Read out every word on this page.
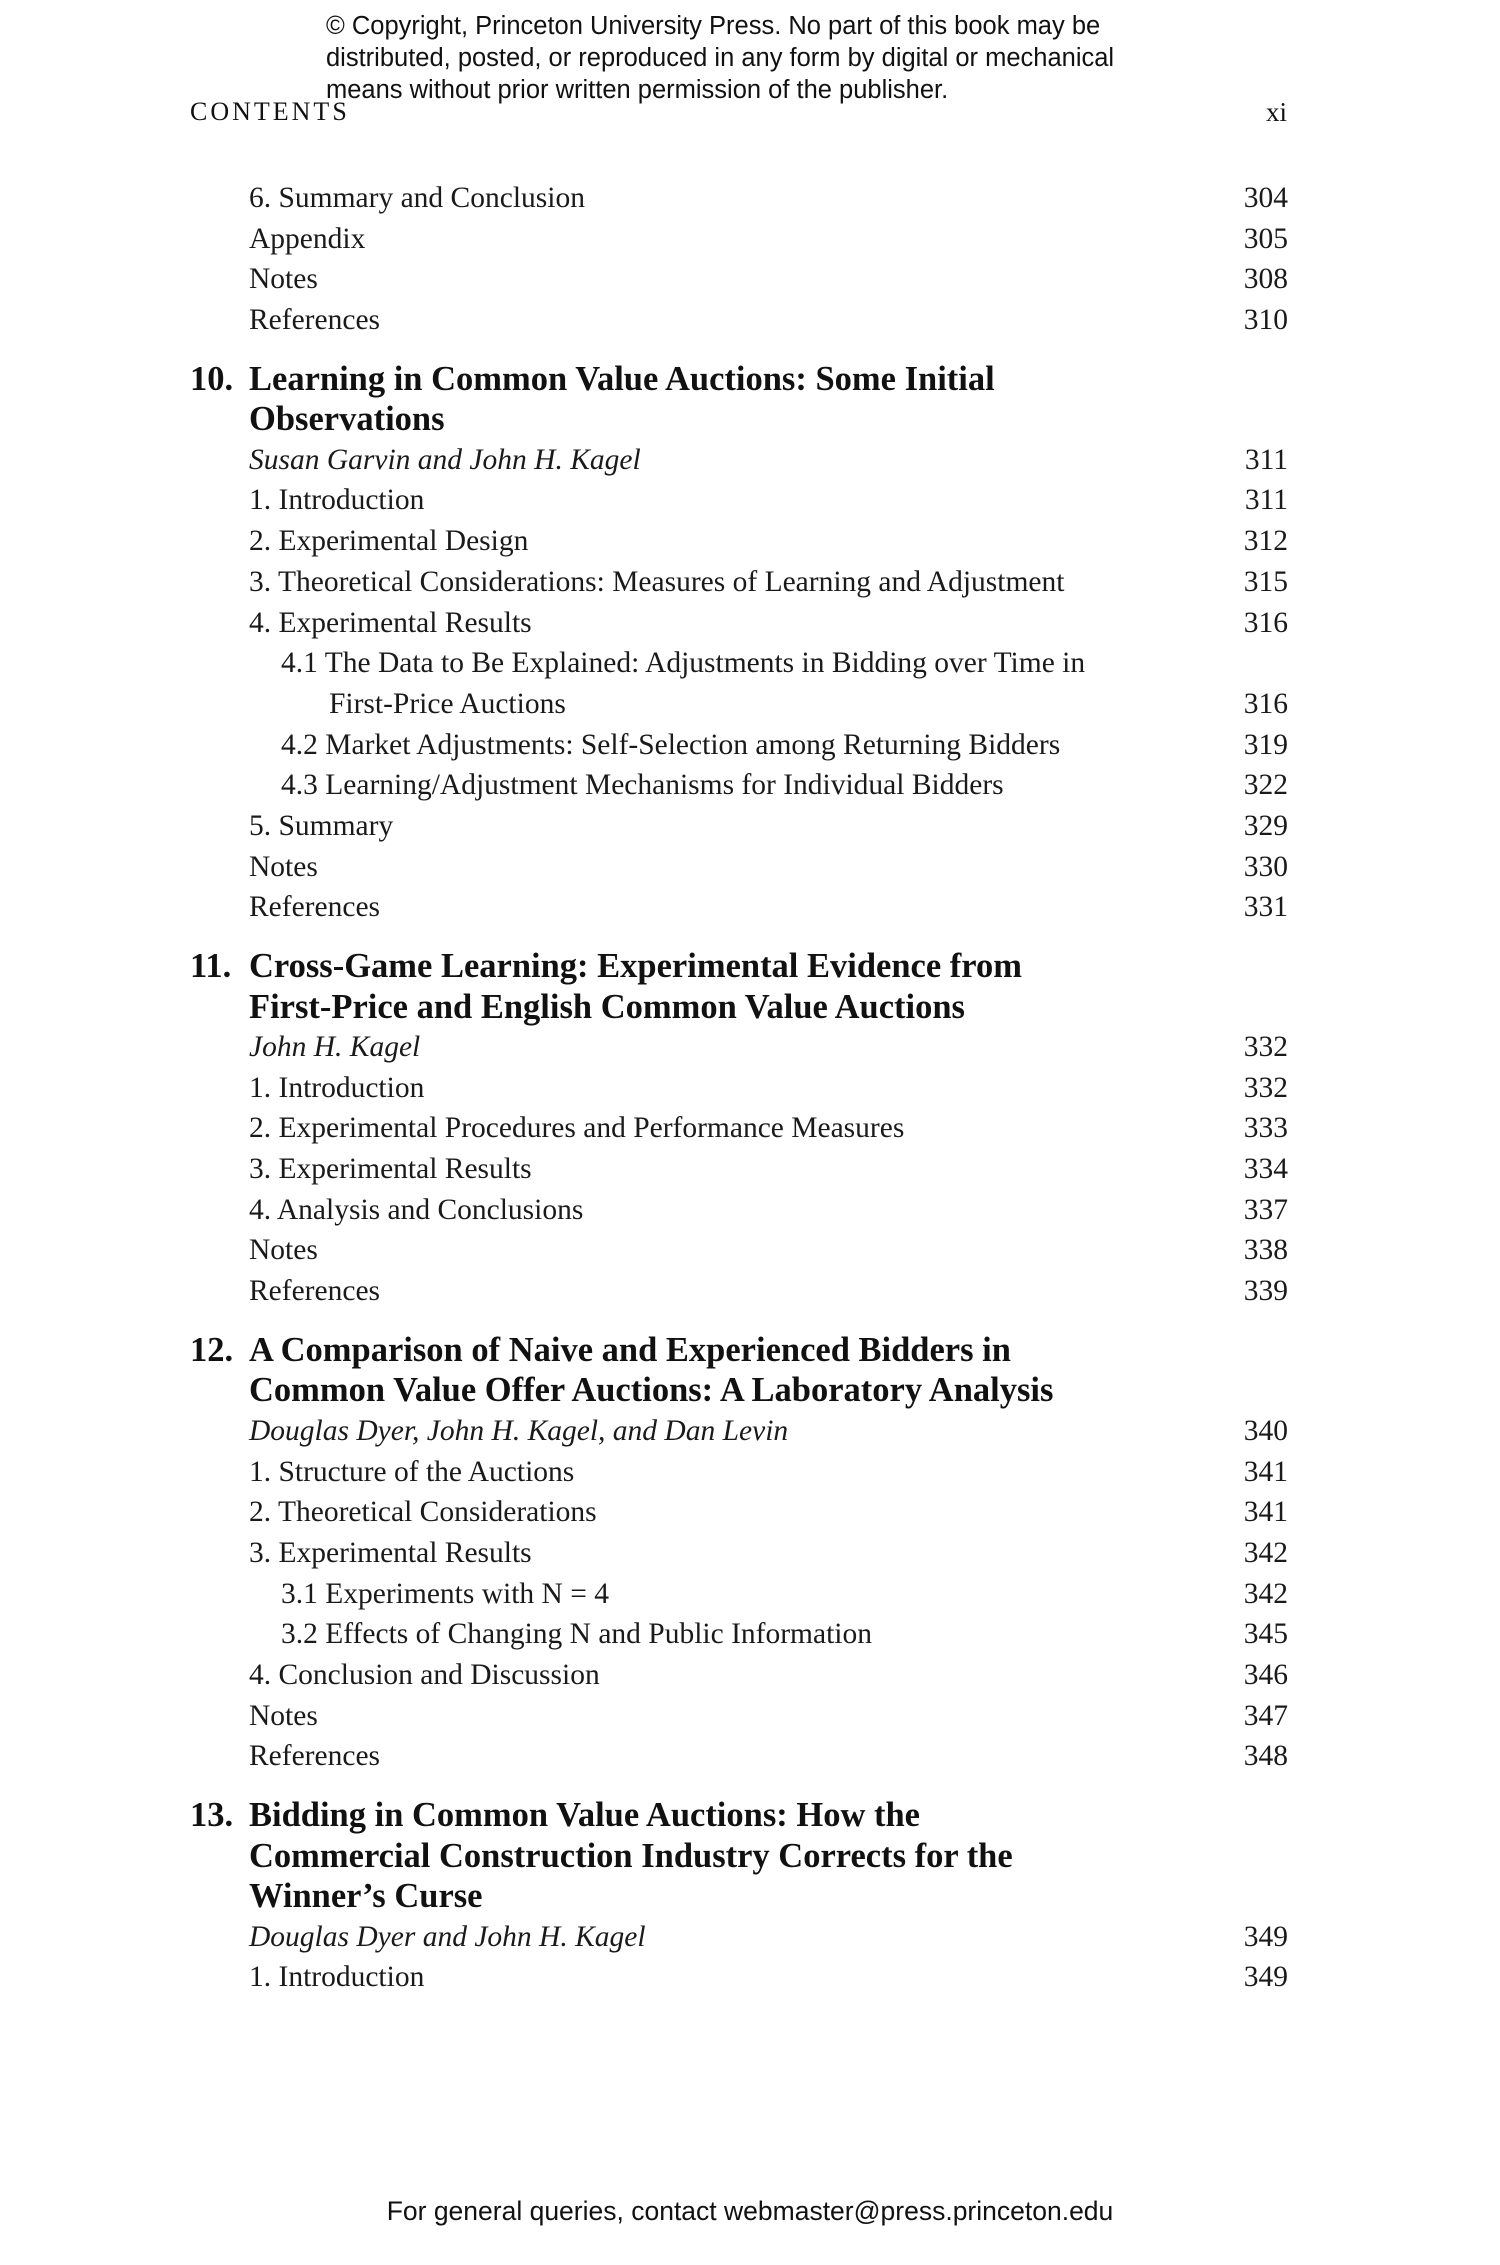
© Copyright, Princeton University Press. No part of this book may be
distributed, posted, or reproduced in any form by digital or mechanical
means without prior written permission of the publisher.
CONTENTS	xi
6. Summary and Conclusion	304
Appendix	305
Notes	308
References	310
10. Learning in Common Value Auctions: Some Initial
Observations
Susan Garvin and John H. Kagel	311
1. Introduction	311
2. Experimental Design	312
3. Theoretical Considerations: Measures of Learning and Adjustment	315
4. Experimental Results	316
4.1 The Data to Be Explained: Adjustments in Bidding over Time in
First-Price Auctions	316
4.2 Market Adjustments: Self-Selection among Returning Bidders	319
4.3 Learning/Adjustment Mechanisms for Individual Bidders	322
5. Summary	329
Notes	330
References	331
11. Cross-Game Learning: Experimental Evidence from
First-Price and English Common Value Auctions
John H. Kagel	332
1. Introduction	332
2. Experimental Procedures and Performance Measures	333
3. Experimental Results	334
4. Analysis and Conclusions	337
Notes	338
References	339
12. A Comparison of Naive and Experienced Bidders in
Common Value Offer Auctions: A Laboratory Analysis
Douglas Dyer, John H. Kagel, and Dan Levin	340
1. Structure of the Auctions	341
2. Theoretical Considerations	341
3. Experimental Results	342
3.1 Experiments with N = 4	342
3.2 Effects of Changing N and Public Information	345
4. Conclusion and Discussion	346
Notes	347
References	348
13. Bidding in Common Value Auctions: How the
Commercial Construction Industry Corrects for the
Winner’s Curse
Douglas Dyer and John H. Kagel	349
1. Introduction	349
For general queries, contact webmaster@press.princeton.edu
